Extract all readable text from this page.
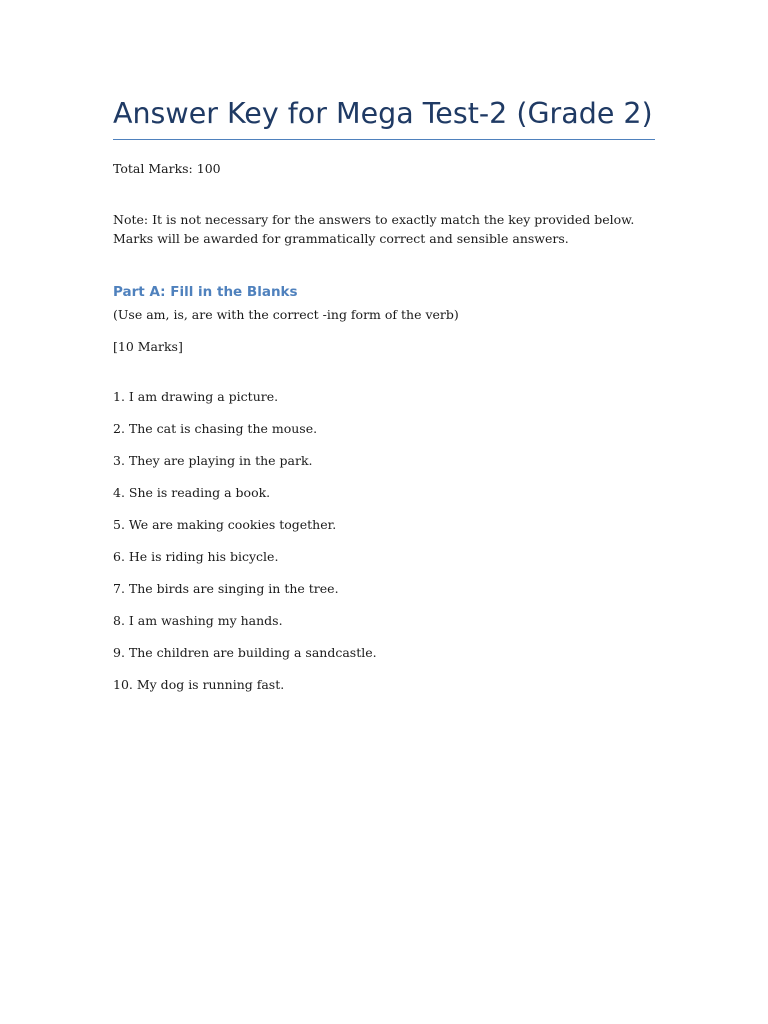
Answer Key for Mega Test-2 (Grade 2)

Total Marks: 100

Note: It is not necessary for the answers to exactly match the key provided below. Marks will be awarded for grammatically correct and sensible answers.

Part A: Fill in the Blanks

(Use am, is, are with the correct -ing form of the verb)

[10 Marks]

1. I am drawing a picture.
2. The cat is chasing the mouse.
3. They are playing in the park.
4. She is reading a book.
5. We are making cookies together.
6. He is riding his bicycle.
7. The birds are singing in the tree.
8. I am washing my hands.
9. The children are building a sandcastle.
10. My dog is running fast.
